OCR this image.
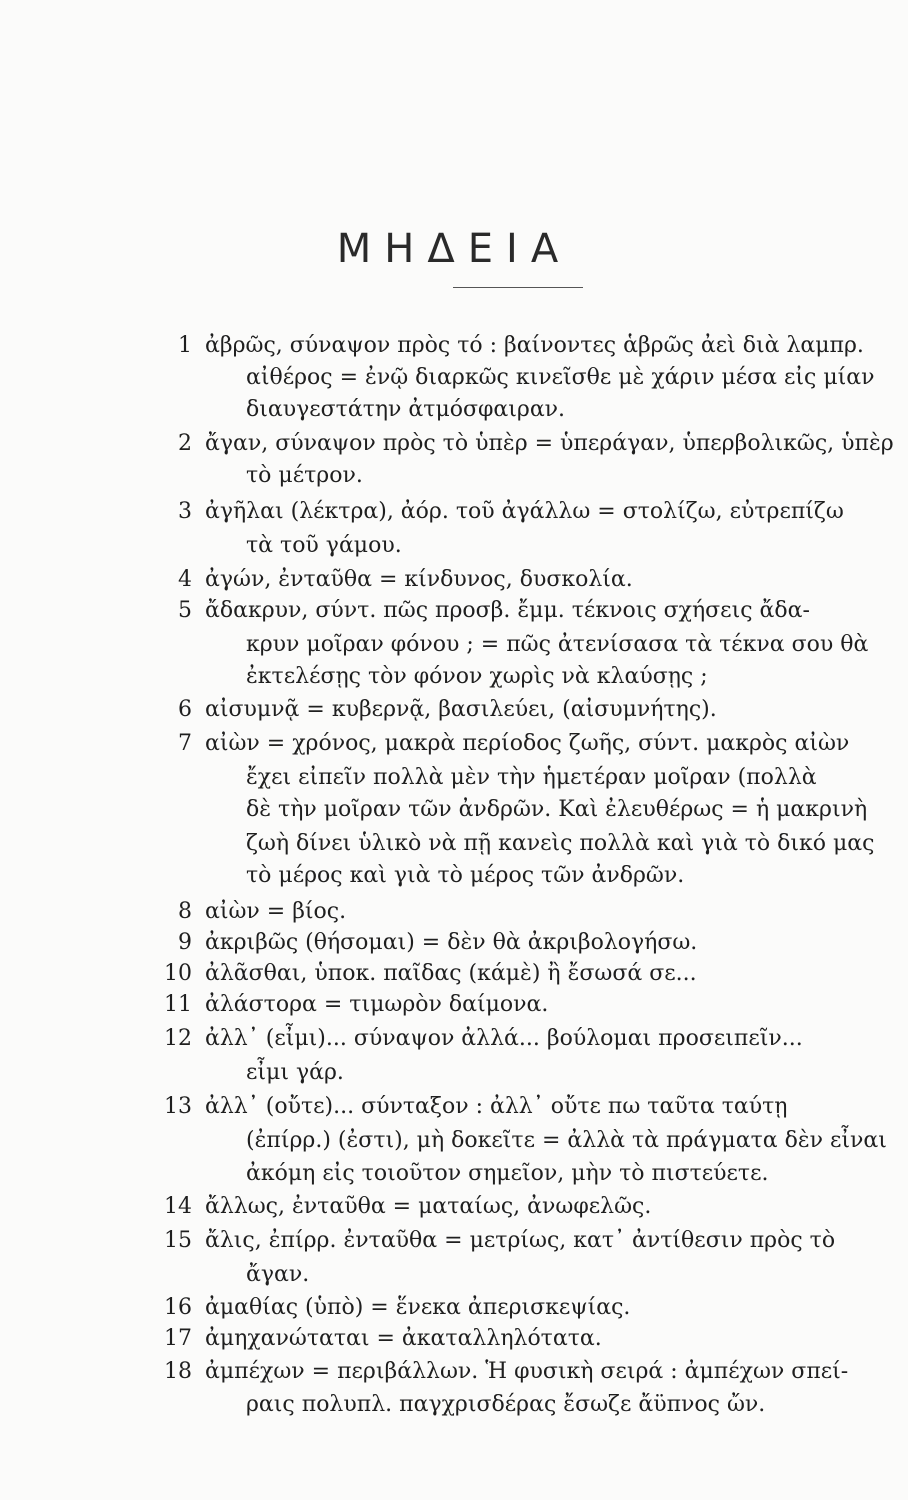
ΜΗΔΕΙΑ
1 ἀβρῶς, σύναψον πρὸς τό : βαίνοντες ἁβρῶς ἀεὶ διὰ λαμπρ.
αἰθέρος = ἐνῷ διαρκῶς κινεῖσθε μὲ χάριν μέσα εἰς μίαν
διαυγεστάτην ἀτμόσφαιραν.
2 ἄγαν, σύναψον πρὸς τὸ ὑπὲρ = ὑπεράγαν, ὑπερβολικῶς, ὑπὲρ
τὸ μέτρον.
3 ἀγῆλαι (λέκτρα), ἀόρ. τοῦ ἀγάλλω = στολίζω, εὐτρεπίζω
τὰ τοῦ γάμου.
4 ἀγών, ἐνταῦθα = κίνδυνος, δυσκολία.
5 ἄδακρυν, σύντ. πῶς προσβ. ἔμμ. τέκνοις σχήσεις ἄδα-
κρυν μοῖραν φόνου ; = πῶς ἀτενίσασα τὰ τέκνα σου θὰ
ἐκτελέσῃς τὸν φόνον χωρὶς νὰ κλαύσῃς ;
6 αἰσυμνᾷ = κυβερνᾷ, βασιλεύει, (αἰσυμνήτης).
7 αἰὼν = χρόνος, μακρὰ περίοδος ζωῆς, σύντ. μακρὸς αἰὼν
ἔχει εἰπεῖν πολλὰ μὲν τὴν ἡμετέραν μοῖραν (πολλὰ
δὲ τὴν μοῖραν τῶν ἀνδρῶν. Καὶ ἐλευθέρως = ἡ μακρινὴ
ζωὴ δίνει ὑλικὸ νὰ πῇ κανεὶς πολλὰ καὶ γιὰ τὸ δικό μας
τὸ μέρος καὶ γιὰ τὸ μέρος τῶν ἀνδρῶν.
8 αἰὼν = βίος.
9 ἀκριβῶς (θήσομαι) = δὲν θὰ ἀκριβολογήσω.
10 ἀλᾶσθαι, ὑποκ. παῖδας (κάμὲ) ἢ ἔσωσά σε...
11 ἀλάστορα = τιμωρὸν δαίμονα.
12 ἀλλ᾽ (εἶμι)... σύναψον ἀλλά... βούλομαι προσειπεῖν...
εἶμι γάρ.
13 ἀλλ᾽ (οὔτε)... σύνταξον : ἀλλ᾽ οὔτε πω ταῦτα ταύτῃ
(ἐπίρρ.) (ἐστι), μὴ δοκεῖτε = ἀλλὰ τὰ πράγματα δὲν εἶναι
ἀκόμη εἰς τοιοῦτον σημεῖον, μὴν τὸ πιστεύετε.
14 ἄλλως, ἐνταῦθα = ματαίως, ἀνωφελῶς.
15 ἄλις, ἐπίρρ. ἐνταῦθα = μετρίως, κατ᾽ ἀντίθεσιν πρὸς τὸ
ἄγαν.
16 ἀμαθίας (ὑπὸ) = ἕνεκα ἀπερισκεψίας.
17 ἀμηχανώταται = ἀκαταλληλότατα.
18 ἀμπέχων = περιβάλλων. Ἡ φυσικὴ σειρά : ἀμπέχων σπεί-
ραις πολυπλ. παγχρισδέρας ἔσωζε ἄϋπνος ὤν.
